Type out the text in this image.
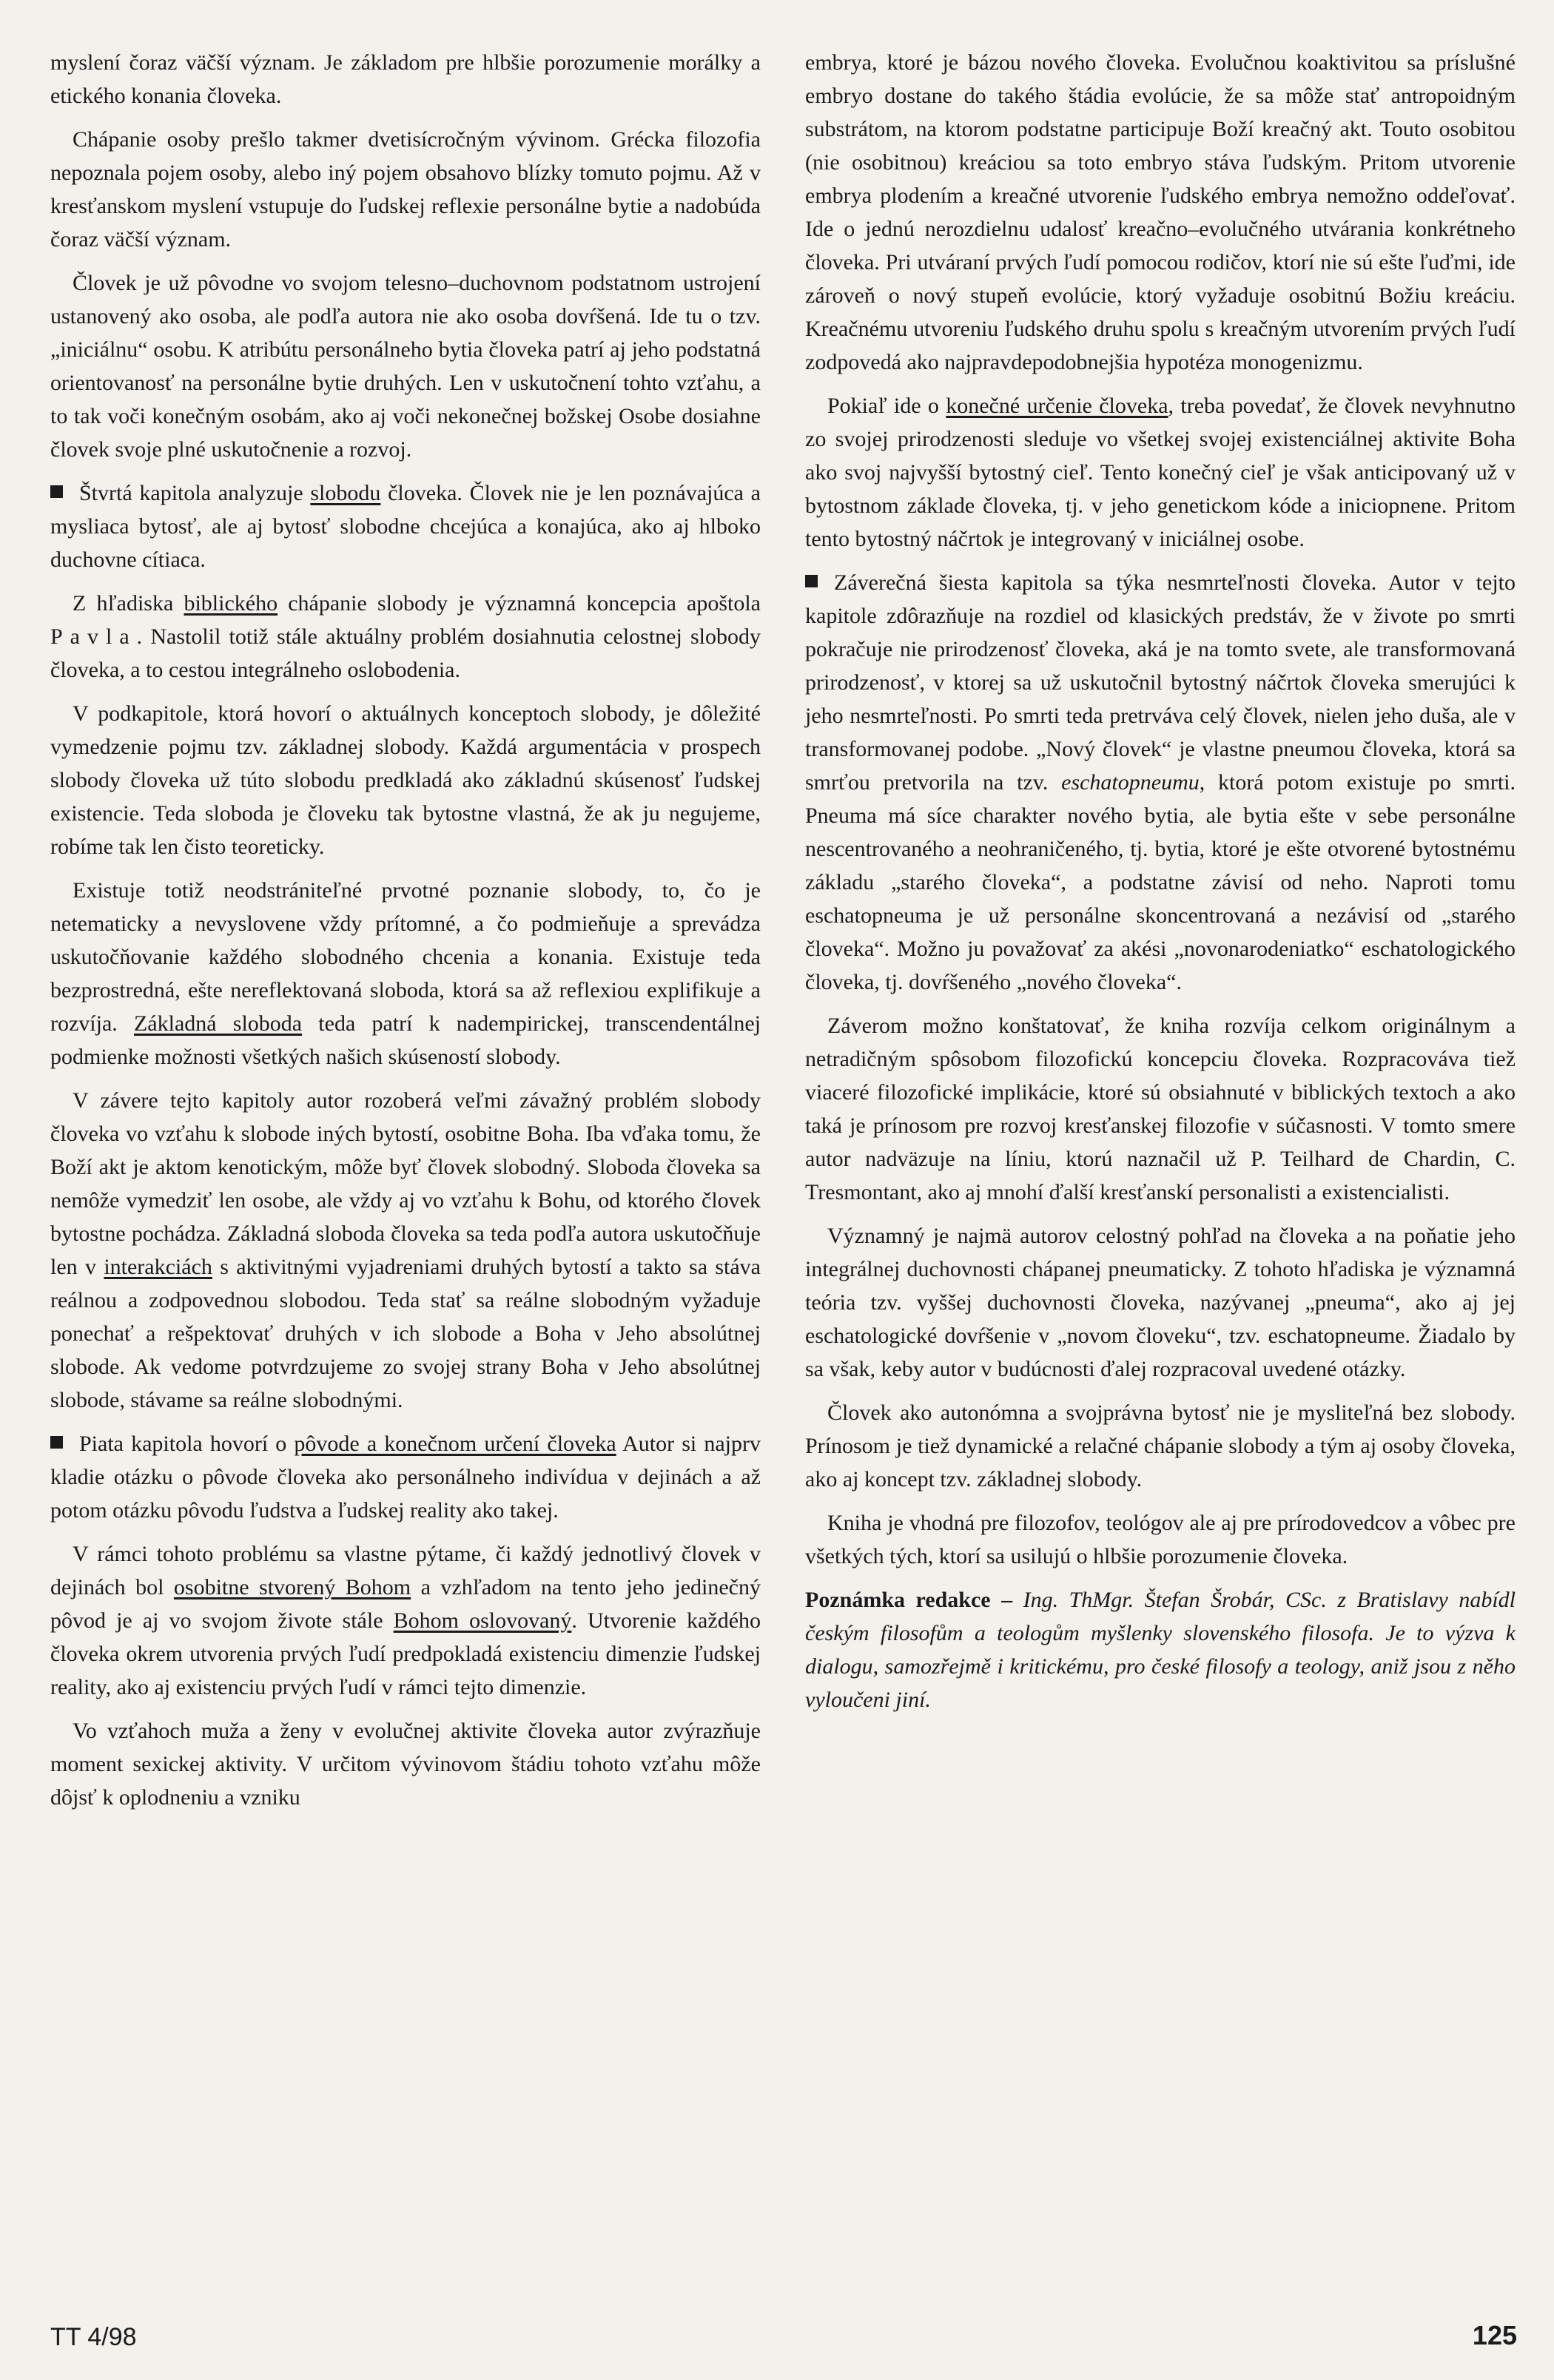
myslení čoraz väčší význam. Je základom pre hlbšie porozumenie morálky a etického konania človeka.

Chápanie osoby prešlo takmer dvetisícročným vývinom. Grécka filozofia nepoznala pojem osoby, alebo iný pojem obsahovo blízky tomuto pojmu. Až v kresťanskom myslení vstupuje do ľudskej reflexie personálne bytie a nadobúda čoraz väčší význam.

Človek je už pôvodne vo svojom telesno–duchovnom podstatnom ustrojení ustanovený ako osoba, ale podľa autora nie ako osoba dovŕšená. Ide tu o tzv. „iniciálnu“ osobu. K atribútu personálneho bytia človeka patrí aj jeho podstatná orientovanosť na personálne bytie druhých. Len v uskutočnení tohto vzťahu, a to tak voči konečným osobám, ako aj voči nekonečnej božskej Osobe dosiahne človek svoje plné uskutočnenie a rozvoj.

Štvrtá kapitola analyzuje slobodu človeka. Človek nie je len poznávajúca a mysliaca bytosť, ale aj bytosť slobodne chcejúca a konajúca, ako aj hlboko duchovne cítiaca.

Z hľadiska biblického chápanie slobody je významná koncepcia apoštola Pavla. Nastolil totiž stále aktuálny problém dosiahnutia celostnej slobody človeka, a to cestou integrálneho oslobodenia.

V podkapitole, ktorá hovorí o aktuálnych konceptoch slobody, je dôležité vymedzenie pojmu tzv. základnej slobody. Každá argumentácia v prospech slobody človeka už túto slobodu predkladá ako základnú skúsenosť ľudskej existencie. Teda sloboda je človeku tak bytostne vlastná, že ak ju negujeme, robíme tak len čisto teoreticky.

Existuje totiž neodstrániteľné prvotné poznanie slobody, to, čo je netematicky a nevyslovene vždy prítomné, a čo podmieňuje a sprevádza uskutočňovanie každého slobodného chcenia a konania. Existuje teda bezprostredná, ešte nereflektovaná sloboda, ktorá sa až reflexiou explifikuje a rozvíja. Základná sloboda teda patrí k nadempirickej, transcendentálnej podmienke možnosti všetkých našich skúseností slobody.

V závere tejto kapitoly autor rozoberá veľmi závažný problém slobody človeka vo vzťahu k slobode iných bytostí, osobitne Boha. Iba vďaka tomu, že Boží akt je aktom kenotickým, môže byť človek slobodný. Sloboda človeka sa nemôže vymedziť len osobe, ale vždy aj vo vzťahu k Bohu, od ktorého človek bytostne pochádza. Základná sloboda človeka sa teda podľa autora uskutočňuje len v interakciách s aktivitnými vyjadreniami druhých bytostí a takto sa stáva reálnou a zodpovednou slobodou. Teda stať sa reálne slobodným vyžaduje ponechať a rešpektovať druhých v ich slobode a Boha v Jeho absolútnej slobode. Ak vedome potvrdzujeme zo svojej strany Boha v Jeho absolútnej slobode, stávame sa reálne slobodnými.

Piata kapitola hovorí o pôvode a konečnom určení človeka Autor si najprv kladie otázku o pôvode človeka ako personálneho indivídua v dejinách a až potom otázku pôvodu ľudstva a ľudskej reality ako takej.

V rámci tohoto problému sa vlastne pýtame, či každý jednotlivý človek v dejinách bol osobitne stvorený Bohom a vzhľadom na tento jeho jedinečný pôvod je aj vo svojom živote stále Bohom oslovovaný. Utvorenie každého človeka okrem utvorenia prvých ľudí predpokladá existenciu dimenzie ľudskej reality, ako aj existenciu prvých ľudí v rámci tejto dimenzie.

Vo vzťahoch muža a ženy v evolučnej aktivite človeka autor zvýrazňuje moment sexickej aktivity. V určitom vývinovom štádiu tohoto vzťahu môže dôjsť k oplodneniu a vzniku

embrya, ktoré je bázou nového človeka. Evolučnou koaktivitou sa príslušné embryo dostane do takého štádia evolúcie, že sa môže stať antropoidným substrátom, na ktorom podstatne participuje Boží kreačný akt. Touto osobitou (nie osobitnou) kreáciou sa toto embryo stáva ľudským. Pritom utvorenie embrya plodením a kreačné utvorenie ľudského embrya nemožno oddeľovať. Ide o jednú nerozdielnu udalosť kreačno–evolučného utvárania konkrétneho človeka. Pri utváraní prvých ľudí pomocou rodičov, ktorí nie sú ešte ľuďmi, ide zároveň o nový stupeň evolúcie, ktorý vyžaduje osobitnú Božiu kreáciu. Kreačnému utvoreniu ľudského druhu spolu s kreačným utvorením prvých ľudí zodpovedá ako najpravdepodobnejšia hypotéza monogenizmu.

Pokiaľ ide o konečné určenie človeka, treba povedať, že človek nevyhnutno zo svojej prirodzenosti sleduje vo všetkej svojej existenciálnej aktivite Boha ako svoj najvyšší bytostný cieľ. Tento konečný cieľ je však anticipovaný už v bytostnom základe človeka, tj. v jeho genetickom kóde a iniciopnene. Pritom tento bytostný náčrtok je integrovaný v iniciálnej osobe.

Záverečná šiesta kapitola sa týka nesmrteľnosti človeka. Autor v tejto kapitole zdôrazňuje na rozdiel od klasických predstáv, že v živote po smrti pokračuje nie prirodzenosť človeka, aká je na tomto svete, ale transformovaná prirodzenosť, v ktorej sa už uskutočnil bytostný náčrtok človeka smerujúci k jeho nesmrteľnosti. Po smrti teda pretrváva celý človek, nielen jeho duša, ale v transformovanej podobe. „Nový človek“ je vlastne pneumou človeka, ktorá sa smrťou pretvorila na tzv. eschatopneumu, ktorá potom existuje po smrti. Pneuma má síce charakter nového bytia, ale bytia ešte v sebe personálne nescentrovaného a neohraničeného, tj. bytia, ktoré je ešte otvorené bytostnému základu „starého človeka“, a podstatne závisí od neho. Naproti tomu eschatopneuma je už personálne skoncentrovaná a nezávisí od „starého človeka“. Možno ju považovať za akési „novonarodeniatko“ eschatologického človeka, tj. dovŕšeného „nového človeka“.

Záverom možno konštatovať, že kniha rozvíja celkom originálnym a netradičným spôsobom filozofickú koncepciu človeka. Rozpracováva tiež viaceré filozofické implikácie, ktoré sú obsiahnuté v biblických textoch a ako taká je prínosom pre rozvoj kresťanskej filozofie v súčasnosti. V tomto smere autor nadväzuje na líniu, ktorú naznačil už P. Teilhard de Chardin, C. Tresmontant, ako aj mnohí ďalší kresťanskí personalisti a existencialisti.

Významný je najmä autorov celostný pohľad na človeka a na poňatie jeho integrálnej duchovnosti chápanej pneumaticky. Z tohoto hľadiska je významná teória tzv. vyššej duchovnosti človeka, nazývanej „pneuma“, ako aj jej eschatologické dovŕšenie v „novom človeku“, tzv. eschatopneume. Žiadalo by sa však, keby autor v budúcnosti ďalej rozpracoval uvedené otázky.

Človek ako autonómna a svojprávna bytosť nie je mysliteľná bez slobody. Prínosom je tiež dynamické a relačné chápanie slobody a tým aj osoby človeka, ako aj koncept tzv. základnej slobody.

Kniha je vhodná pre filozofov, teológov ale aj pre prírodovedcov a vôbec pre všetkých tých, ktorí sa usilujú o hlbšie porozumenie človeka.

Poznámka redakce – Ing. ThMgr. Štefan Šrobár, CSc. z Bratislavy nabídl českým filosofům a teologům myšlenky slovenského filosofa. Je to výzva k dialogu, samozřejmě i kritickému, pro české filosofy a teology, aniž jsou z něho vyloučeni jiní.

TT 4/98	125
